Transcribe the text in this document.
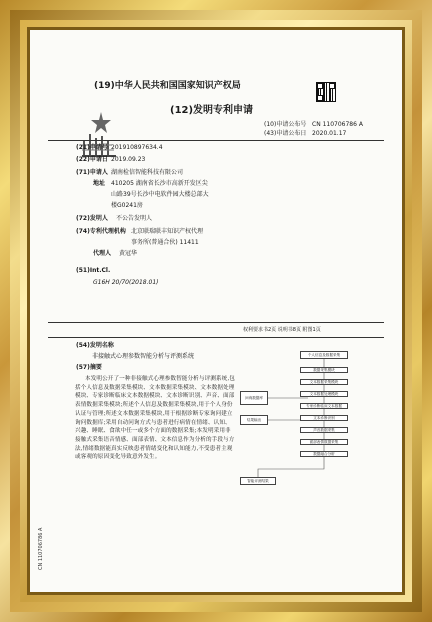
(19)中华人民共和国国家知识产权局
(12)发明专利申请
(10)申请公布号 CN 110706786 A
(43)申请公布日 2020.01.17
(21)申请号 201910897634.4
(22)申请日 2019.09.23
(71)申请人 湖南检信智能科技有限公司
地址 410205 湖南省长沙市高新开发区尖
山路39号长沙中电软件园大楼总部大
楼G0241房
(72)发明人 不公告发明人
(74)专利代理机构 北京联瑞联丰知识产权代理
事务所(普通合伙) 11411
代理人 黄冠华
(51)Int.Cl.
G16H 20/70(2018.01)
权利要求书2页 说明书8页 附图1页
(54)发明名称
非接触式心理参数智能分析与评测系统
(57)摘要
本发明公开了一种非接触式心理参数智能分析与评测系统,包括个人信息及数据采集模块、文本数据采集模块、文本数据处理模块、专家诊断临床文本数据模块、文本诊断识别、声音、面部表情数据采集模块;所述个人信息及数据采集模块,用于个人身份认证与管理;所述文本数据采集模块,用于根据诊断专家询问建立询问数据库;采用自动问询方式与患者进行病情在情绪、认知、兴趣、睡眠、食欲中任一或多个方面的数据采集;本发明采用非接触式采集语音情感、面部表情、文本信息作为分析的手段与方法,情绪数据能真实反映患者情绪变化和认知能力,不受患者主观或客观的原因变化导致意外发生。
CN 110706786 A
个人信息及数据采集
数据采集模块
文本数据采集模块
文本数据处理模块
专家诊断临床文本数据
文本诊断识别
声音数据采集
面部表情数据采集
数据融合分析
问询数据库
结果输出
智能评测结果
